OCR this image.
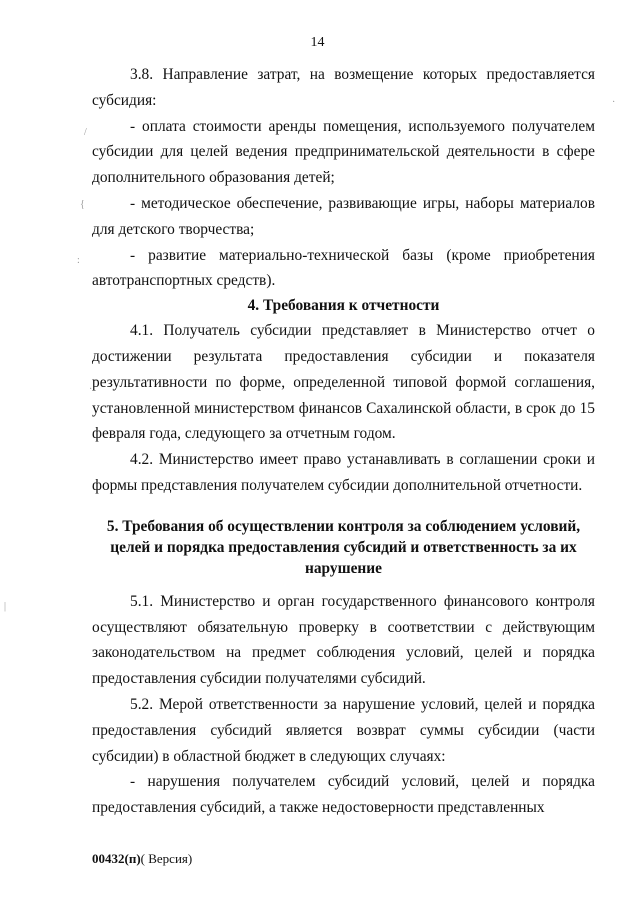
14

3.8. Направление затрат, на возмещение которых предоставляется субсидия:

- оплата стоимости аренды помещения, используемого получателем субсидии для целей ведения предпринимательской деятельности в сфере дополнительного образования детей;

- методическое обеспечение, развивающие игры, наборы материалов для детского творчества;

- развитие материально-технической базы (кроме приобретения автотранспортных средств).

4. Требования к отчетности

4.1. Получатель субсидии представляет в Министерство отчет о достижении результата предоставления субсидии и показателя результативности по форме, определенной типовой формой соглашения, установленной министерством финансов Сахалинской области, в срок до 15 февраля года, следующего за отчетным годом.

4.2. Министерство имеет право устанавливать в соглашении сроки и формы представления получателем субсидии дополнительной отчетности.

5. Требования об осуществлении контроля за соблюдением условий, целей и порядка предоставления субсидий и ответственность за их нарушение

5.1. Министерство и орган государственного финансового контроля осуществляют обязательную проверку в соответствии с действующим законодательством на предмет соблюдения условий, целей и порядка предоставления субсидии получателями субсидий.

5.2. Мерой ответственности за нарушение условий, целей и порядка предоставления субсидий является возврат суммы субсидии (части субсидии) в областной бюджет в следующих случаях:

- нарушения получателем субсидий условий, целей и порядка предоставления субсидий, а также недостоверности представленных

00432(п)( Версия)
/
{
:
·
·
|
